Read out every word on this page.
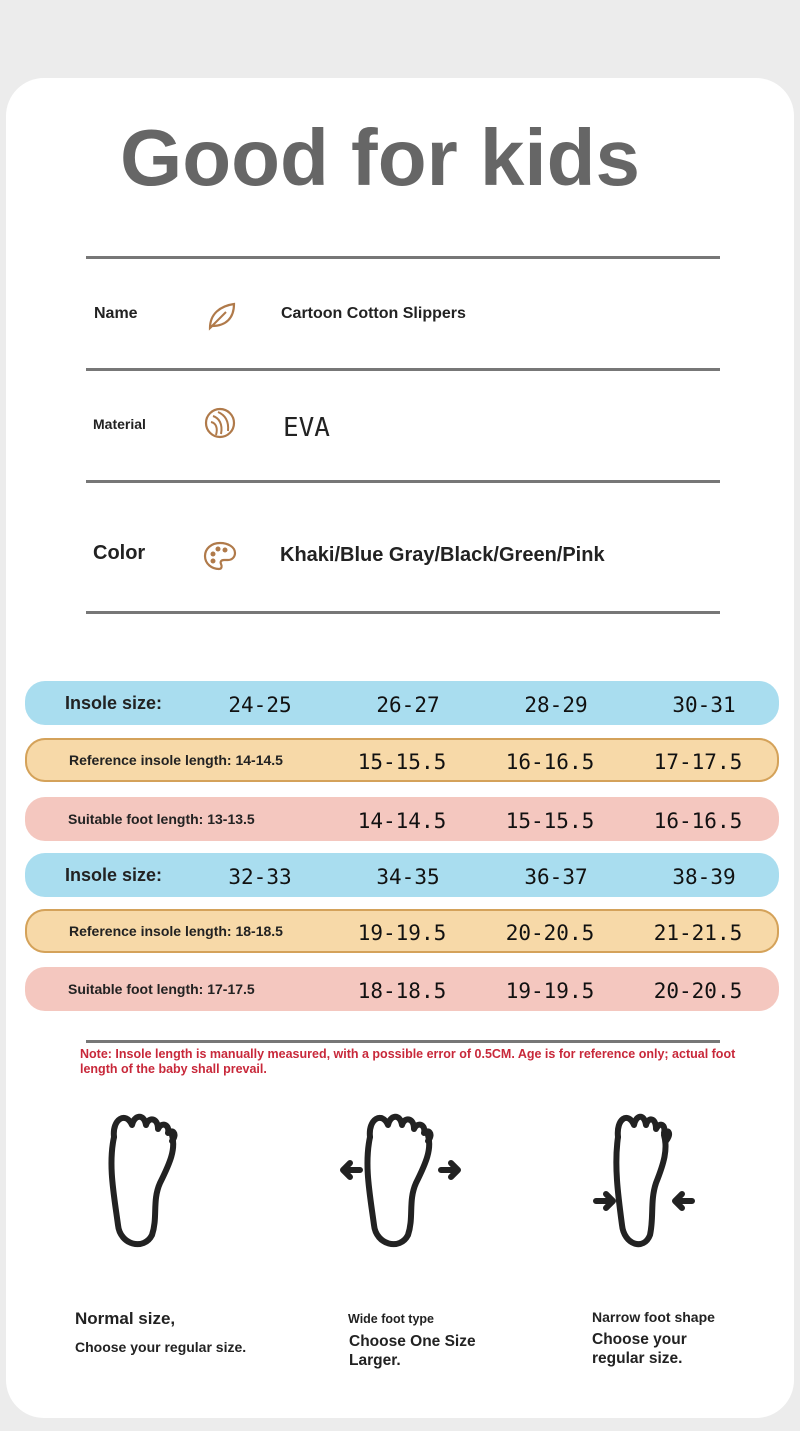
Good for kids
Name	Cartoon Cotton Slippers
Material	EVA
Color	Khaki/Blue Gray/Black/Green/Pink
Insole size:	24-25	26-27	28-29	30-31
Reference insole length: 14-14.5	15-15.5	16-16.5	17-17.5
Suitable foot length: 13-13.5	14-14.5	15-15.5	16-16.5
Insole size:	32-33	34-35	36-37	38-39
Reference insole length: 18-18.5	19-19.5	20-20.5	21-21.5
Suitable foot length: 17-17.5	18-18.5	19-19.5	20-20.5
Note: Insole length is manually measured, with a possible error of 0.5CM. Age is for reference only; actual foot length of the baby shall prevail.
Normal size,
Choose your regular size.
Wide foot type
Choose One Size Larger.
Narrow foot shape
Choose your regular size.
